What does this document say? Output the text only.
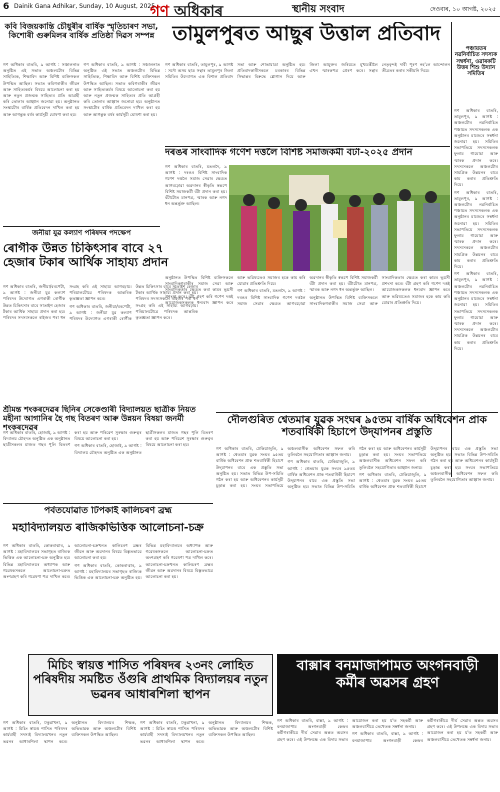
6 Dainik Gana Adhikar, Sunday, 10 August, 2025
গণ অধিকাৰ	স্থানীয় সংবাদ	দেওবাৰ, ১০ আগষ্ট, ২০২৫
কবি বিজয়কান্তি চৌধুৰীৰ বাৰ্ষিক স্মৃতিচাৰণ সভা, কিশোৰী গুৰুমিলৰ বাৰ্ষিক প্ৰতিষ্ঠা দিৱস সম্পন্ন

গণ অধিকাৰ বাতৰি, ৯ আগষ্ট : সঞ্চালনাত অনুষ্ঠিত এই সভাত অঞ্চলটোৰ বিভিন্ন সাহিত্যিক, শিক্ষাবিদ আৰু বিশিষ্ট ব্যক্তিসকল উপস্থিত আছিল। সভাত কবিগৰাকীৰ জীৱন আৰু সাহিত্যকৰ্মৰ বিষয়ে আলোচনা কৰা হয় আৰু নতুন প্ৰজন্মক সাহিত্যৰ প্ৰতি আগ্ৰহী কৰি তোলাৰ আহ্বান জনোৱা হয়। অনুষ্ঠানত সংস্থাটোৰ বাৰ্ষিক প্ৰতিবেদন দাখিল কৰা হয় আৰু আগন্তুক বৰ্ষৰ কাৰ্যসূচী ঘোষণা কৰা হয়।

গণ অধিকাৰ বাতৰি, ৯ আগষ্ট : সঞ্চালনাত অনুষ্ঠিত এই সভাত অঞ্চলটোৰ বিভিন্ন সাহিত্যিক, শিক্ষাবিদ আৰু বিশিষ্ট ব্যক্তিসকল উপস্থিত আছিল। সভাত কবিগৰাকীৰ জীৱন আৰু সাহিত্যকৰ্মৰ বিষয়ে আলোচনা কৰা হয় আৰু নতুন প্ৰজন্মক সাহিত্যৰ প্ৰতি আগ্ৰহী কৰি তোলাৰ আহ্বান জনোৱা হয়। অনুষ্ঠানত সংস্থাটোৰ বাৰ্ষিক প্ৰতিবেদন দাখিল কৰা হয় আৰু আগন্তুক বৰ্ষৰ কাৰ্যসূচী ঘোষণা কৰা হয়।

জনীয়া যুৱ কল্যাণ পৰিষদৰ পদক্ষেপ
ৰোগীক উন্নত চিকিৎসাৰ বাবে ২৭ হেজাৰ টকাৰ আৰ্থিক সাহায্য প্ৰদান

গণ অধিকাৰ বাতৰি, জনীয়া/বৰপেটা, ৯ আগষ্ট : জনীয়া যুৱ কল্যাণ পৰিষদৰ উদ্যোগত এগৰাকী ৰোগীক উন্নত চিকিৎসাৰ বাবে সাতাইশ হেজাৰ টকাৰ আৰ্থিক সাহায্য প্ৰদান কৰা হয়। পৰিষদৰ সদস্যসকলে ৰাইজৰ পৰা ধন সংগ্ৰহ কৰি এই সাহায্য আগবঢ়ায়। পৰিয়ালটোৱে পৰিষদক আন্তৰিক কৃতজ্ঞতা জ্ঞাপন কৰে।

গণ অধিকাৰ বাতৰি, জনীয়া/বৰপেটা, ৯ আগষ্ট : জনীয়া যুৱ কল্যাণ পৰিষদৰ উদ্যোগত এগৰাকী ৰোগীক উন্নত চিকিৎসাৰ বাবে সাতাইশ হেজাৰ টকাৰ আৰ্থিক সাহায্য প্ৰদান কৰা হয়। পৰিষদৰ সদস্যসকলে ৰাইজৰ পৰা ধন সংগ্ৰহ কৰি এই সাহায্য আগবঢ়ায়। পৰিয়ালটোৱে পৰিষদক আন্তৰিক কৃতজ্ঞতা জ্ঞাপন কৰে।

শ্ৰীমন্ত শংকৰদেৱৰ ছিনিৰ সেকেণ্ডাৰী বিদ্যালয়ত ছাত্ৰীক নিয়ত মহীনা আগানিৰ হৈ গছ বিতৰণ আৰু উন্নয়ন বিষয়া জনৰ্মী শংকৰদেৱৰ

গণ অধিকাৰ বাতৰি, হোজাই, ৯ আগষ্ট : বিদ্যালয় চৌহদত অনুষ্ঠিত এক অনুষ্ঠানত ছাত্ৰীসকলৰ মাজত গছৰ পুলি বিতৰণ কৰা হয় আৰু পৰিৱেশ সুৰক্ষাৰ গুৰুত্বৰ বিষয়ে আলোচনা কৰা হয়।

গণ অধিকাৰ বাতৰি, হোজাই, ৯ আগষ্ট : বিদ্যালয় চৌহদত অনুষ্ঠিত এক অনুষ্ঠানত ছাত্ৰীসকলৰ মাজত গছৰ পুলি বিতৰণ কৰা হয় আৰু পৰিৱেশ সুৰক্ষাৰ গুৰুত্বৰ বিষয়ে আলোচনা কৰা হয়।

পৰ্বতযোৱাত টিপকাই কালিচৰণ ব্ৰহ্ম
মহাবিদ্যালয়ত ৰাজিকভিত্তিক আলোচনা-চক্ৰ

গণ অধিকাৰ বাতৰি, কোকৰাঝাৰ, ৯ আগষ্ট : মহাবিদ্যালয়ৰ সভাগৃহত ৰাজ্যিক ভিত্তিক এক আলোচনা-চক্ৰ অনুষ্ঠিত হয়। বিভিন্ন মহাবিদ্যালয়ৰ অধ্যাপক আৰু গৱেষকসকলে আলোচনা-চক্ৰত অংশগ্ৰহণ কৰি গৱেষণা পত্ৰ দাখিল কৰে। আলোচনা-চক্ৰখনত কালিচৰণ ব্ৰহ্মৰ জীৱন আৰু অৱদানৰ বিষয়ে বিস্তৃতভাৱে আলোচনা কৰা হয়।

গণ অধিকাৰ বাতৰি, কোকৰাঝাৰ, ৯ আগষ্ট : মহাবিদ্যালয়ৰ সভাগৃহত ৰাজ্যিক ভিত্তিক এক আলোচনা-চক্ৰ অনুষ্ঠিত হয়। বিভিন্ন মহাবিদ্যালয়ৰ অধ্যাপক আৰু গৱেষকসকলে আলোচনা-চক্ৰত অংশগ্ৰহণ কৰি গৱেষণা পত্ৰ দাখিল কৰে। আলোচনা-চক্ৰখনত কালিচৰণ ব্ৰহ্মৰ জীৱন আৰু অৱদানৰ বিষয়ে বিস্তৃতভাৱে আলোচনা কৰা হয়।

তামুলপুৰত আছুৰ উত্তাল প্ৰতিবাদ

গণ অধিকাৰ বাতৰি, তামুলপুৰ, ৯ আগষ্ট : সদৌ অসম ছাত্ৰ সন্থাৰ তামুলপুৰ জিলা সমিতিৰ উদ্যোগত এক বিশাল প্ৰতিবাদ সভা আৰু শোভাযাত্ৰা অনুষ্ঠিত হয়। প্ৰতিবাদকাৰীসকলে চৰকাৰৰ বিভিন্ন সিদ্ধান্তৰ বিৰুদ্ধে শ্লোগান দিয়ে আৰু জিলা আয়ুক্তৰ জৰিয়তে মুখ্যমন্ত্ৰীলৈ এখন স্মাৰকপত্ৰ প্ৰেৰণ কৰে। সন্থাৰ নেতৃবৃন্দই দাবী পূৰণ নহ'লে আন্দোলন তীব্ৰতৰ কৰাৰ সকীয়নি দিয়ে।

পঞ্চায়তৰ নৱনিৰ্বাচিত সদস্যক সম্বৰ্ধনা, ওৱাৰকটি উত্তৰ শিশু উদ্যান সমিতিৰ

গণ অধিকাৰ বাতৰি, তামুলপুৰ, ৯ আগষ্ট : অঞ্চলটোৰ নৱনিৰ্বাচিত পঞ্চায়ত সদস্যসকলক এক অনুষ্ঠানৰ মাজেৰে সম্বৰ্ধনা জনোৱা হয়। সমিতিৰ সভাপতিয়ে সদস্যসকলক ফুলাম গামোচা আৰু স্মাৰক প্ৰদান কৰে। সদস্যসকলে অঞ্চলটোৰ সামগ্ৰিক উন্নয়নৰ বাবে কাম কৰাৰ প্ৰতিশ্ৰুতি দিয়ে।

গণ অধিকাৰ বাতৰি, তামুলপুৰ, ৯ আগষ্ট : অঞ্চলটোৰ নৱনিৰ্বাচিত পঞ্চায়ত সদস্যসকলক এক অনুষ্ঠানৰ মাজেৰে সম্বৰ্ধনা জনোৱা হয়। সমিতিৰ সভাপতিয়ে সদস্যসকলক ফুলাম গামোচা আৰু স্মাৰক প্ৰদান কৰে। সদস্যসকলে অঞ্চলটোৰ সামগ্ৰিক উন্নয়নৰ বাবে কাম কৰাৰ প্ৰতিশ্ৰুতি দিয়ে।

গণ অধিকাৰ বাতৰি, তামুলপুৰ, ৯ আগষ্ট : অঞ্চলটোৰ নৱনিৰ্বাচিত পঞ্চায়ত সদস্যসকলক এক অনুষ্ঠানৰ মাজেৰে সম্বৰ্ধনা জনোৱা হয়। সমিতিৰ সভাপতিয়ে সদস্যসকলক ফুলাম গামোচা আৰু স্মাৰক প্ৰদান কৰে। সদস্যসকলে অঞ্চলটোৰ সামগ্ৰিক উন্নয়নৰ বাবে কাম কৰাৰ প্ৰতিশ্ৰুতি দিয়ে।

দৰঙৰ সাংবাদিক গণেশ দত্তলৈ বিশিষ্ট সমাজকৰ্মী বঁটা-২০২৫ প্ৰদান

গণ অধিকাৰ বাতৰি, মঙলদৈ, ৯ আগষ্ট : দৰঙৰ বিশিষ্ট সাংবাদিক গণেশ দত্তলৈ সমাজ সেৱাৰ ক্ষেত্ৰত আগবঢ়োৱা অৱদানৰ স্বীকৃতি স্বৰূপে বিশিষ্ট সমাজকৰ্মী বঁটা প্ৰদান কৰা হয়। বঁটাটোত মানপত্ৰ, স্মাৰক আৰু নগদ ধন অন্তৰ্ভুক্ত আছিল।

অনুষ্ঠানত উপস্থিত বিশিষ্ট ব্যক্তিসকলে সাংবাদিকগৰাকীৰ সমাজ সেৱা আৰু সাংবাদিকতাৰ ক্ষেত্ৰত কৰা কামৰ ভূয়সী প্ৰশংসা কৰে। বঁটা গ্ৰহণ কৰি গণেশ দত্তই আয়োজকসকলক ধন্যবাদ জ্ঞাপন কৰে আৰু ভৱিষ্যতেও সমাজৰ হকে কাম কৰি যোৱাৰ প্ৰতিশ্ৰুতি দিয়ে।

গণ অধিকাৰ বাতৰি, মঙলদৈ, ৯ আগষ্ট : দৰঙৰ বিশিষ্ট সাংবাদিক গণেশ দত্তলৈ সমাজ সেৱাৰ ক্ষেত্ৰত আগবঢ়োৱা অৱদানৰ স্বীকৃতি স্বৰূপে বিশিষ্ট সমাজকৰ্মী বঁটা প্ৰদান কৰা হয়। বঁটাটোত মানপত্ৰ, স্মাৰক আৰু নগদ ধন অন্তৰ্ভুক্ত আছিল।

অনুষ্ঠানত উপস্থিত বিশিষ্ট ব্যক্তিসকলে সাংবাদিকগৰাকীৰ সমাজ সেৱা আৰু সাংবাদিকতাৰ ক্ষেত্ৰত কৰা কামৰ ভূয়সী প্ৰশংসা কৰে। বঁটা গ্ৰহণ কৰি গণেশ দত্তই আয়োজকসকলক ধন্যবাদ জ্ঞাপন কৰে আৰু ভৱিষ্যতেও সমাজৰ হকে কাম কৰি যোৱাৰ প্ৰতিশ্ৰুতি দিয়ে।

দৌলগুৰিত শ্বেতমাৰ যুৱক সংঘৰ ৯৫তম বাৰ্ষিক অধিবেশন প্ৰাক শতবাৰ্ষিকী হিচাপে উদ্‌যাপনৰ প্ৰস্তুতি

গণ অধিকাৰ বাতৰি, ঢেকিয়াজুলি, ৯ আগষ্ট : শ্বেতমাৰ যুৱক সংঘৰ ৯৫তম বাৰ্ষিক অধিবেশন প্ৰাক শতবাৰ্ষিকী হিচাপে উদ্‌যাপনৰ বাবে এক প্ৰস্তুতি সভা অনুষ্ঠিত হয়। সভাত বিভিন্ন উপ-সমিতি গঠন কৰা হয় আৰু অধিবেশনৰ কাৰ্যসূচী চূড়ান্ত কৰা হয়। সংঘৰ সভাপতিয়ে অঞ্চলবাসীক অধিবেশন সফল কৰি তুলিবলৈ সহযোগিতাৰ আহ্বান জনায়।

গণ অধিকাৰ বাতৰি, ঢেকিয়াজুলি, ৯ আগষ্ট : শ্বেতমাৰ যুৱক সংঘৰ ৯৫তম বাৰ্ষিক অধিবেশন প্ৰাক শতবাৰ্ষিকী হিচাপে উদ্‌যাপনৰ বাবে এক প্ৰস্তুতি সভা অনুষ্ঠিত হয়। সভাত বিভিন্ন উপ-সমিতি গঠন কৰা হয় আৰু অধিবেশনৰ কাৰ্যসূচী চূড়ান্ত কৰা হয়। সংঘৰ সভাপতিয়ে অঞ্চলবাসীক অধিবেশন সফল কৰি তুলিবলৈ সহযোগিতাৰ আহ্বান জনায়।

গণ অধিকাৰ বাতৰি, ঢেকিয়াজুলি, ৯ আগষ্ট : শ্বেতমাৰ যুৱক সংঘৰ ৯৫তম বাৰ্ষিক অধিবেশন প্ৰাক শতবাৰ্ষিকী হিচাপে উদ্‌যাপনৰ বাবে এক প্ৰস্তুতি সভা অনুষ্ঠিত হয়। সভাত বিভিন্ন উপ-সমিতি গঠন কৰা হয় আৰু অধিবেশনৰ কাৰ্যসূচী চূড়ান্ত কৰা হয়। সংঘৰ সভাপতিয়ে অঞ্চলবাসীক অধিবেশন সফল কৰি তুলিবলৈ সহযোগিতাৰ আহ্বান জনায়।

মিচিং স্বায়ত্ত শাসিত পৰিষদৰ ২৩নং লোহিত পৰিষদীয় সমষ্টিত ওঁগুৰি প্ৰাথমিক বিদ্যালয়ৰ নতুন ভৱনৰ আধাৰশিলা স্থাপন

গণ অধিকাৰ বাতৰি, ঢকুৱাখনা, ৯ আগষ্ট : মিচিং স্বায়ত্ত শাসিত পৰিষদৰ কাৰ্যবাহী সদস্যই বিদ্যালয়খনৰ নতুন ভৱনৰ আধাৰশিলা স্থাপন কৰে। অনুষ্ঠানত বিদ্যালয়ৰ শিক্ষক, অভিভাৱক আৰু অঞ্চলটোৰ বিশিষ্ট ব্যক্তিসকল উপস্থিত আছিল।

গণ অধিকাৰ বাতৰি, ঢকুৱাখনা, ৯ আগষ্ট : মিচিং স্বায়ত্ত শাসিত পৰিষদৰ কাৰ্যবাহী সদস্যই বিদ্যালয়খনৰ নতুন ভৱনৰ আধাৰশিলা স্থাপন কৰে। অনুষ্ঠানত বিদ্যালয়ৰ শিক্ষক, অভিভাৱক আৰু অঞ্চলটোৰ বিশিষ্ট ব্যক্তিসকল উপস্থিত আছিল।

বাক্সাৰ বনমাজাপামত অংগনবাড়ী কৰ্মীৰ অৱসৰ গ্ৰহণ

গণ অধিকাৰ বাতৰি, বাক্সা, ৯ আগষ্ট : বনমাজাপাম অংগনবাড়ী কেন্দ্ৰৰ কৰ্মীগৰাকীয়ে দীৰ্ঘ সেৱাৰ অন্তত অৱসৰ গ্ৰহণ কৰে। এই উপলক্ষে এক বিদায় সভাৰ আয়োজন কৰা হয় য'ত সহকৰ্মী আৰু অঞ্চলবাসীয়ে তেখেতক সম্বৰ্ধনা জনায়।

গণ অধিকাৰ বাতৰি, বাক্সা, ৯ আগষ্ট : বনমাজাপাম অংগনবাড়ী কেন্দ্ৰৰ কৰ্মীগৰাকীয়ে দীৰ্ঘ সেৱাৰ অন্তত অৱসৰ গ্ৰহণ কৰে। এই উপলক্ষে এক বিদায় সভাৰ আয়োজন কৰা হয় য'ত সহকৰ্মী আৰু অঞ্চলবাসীয়ে তেখেতক সম্বৰ্ধনা জনায়।
